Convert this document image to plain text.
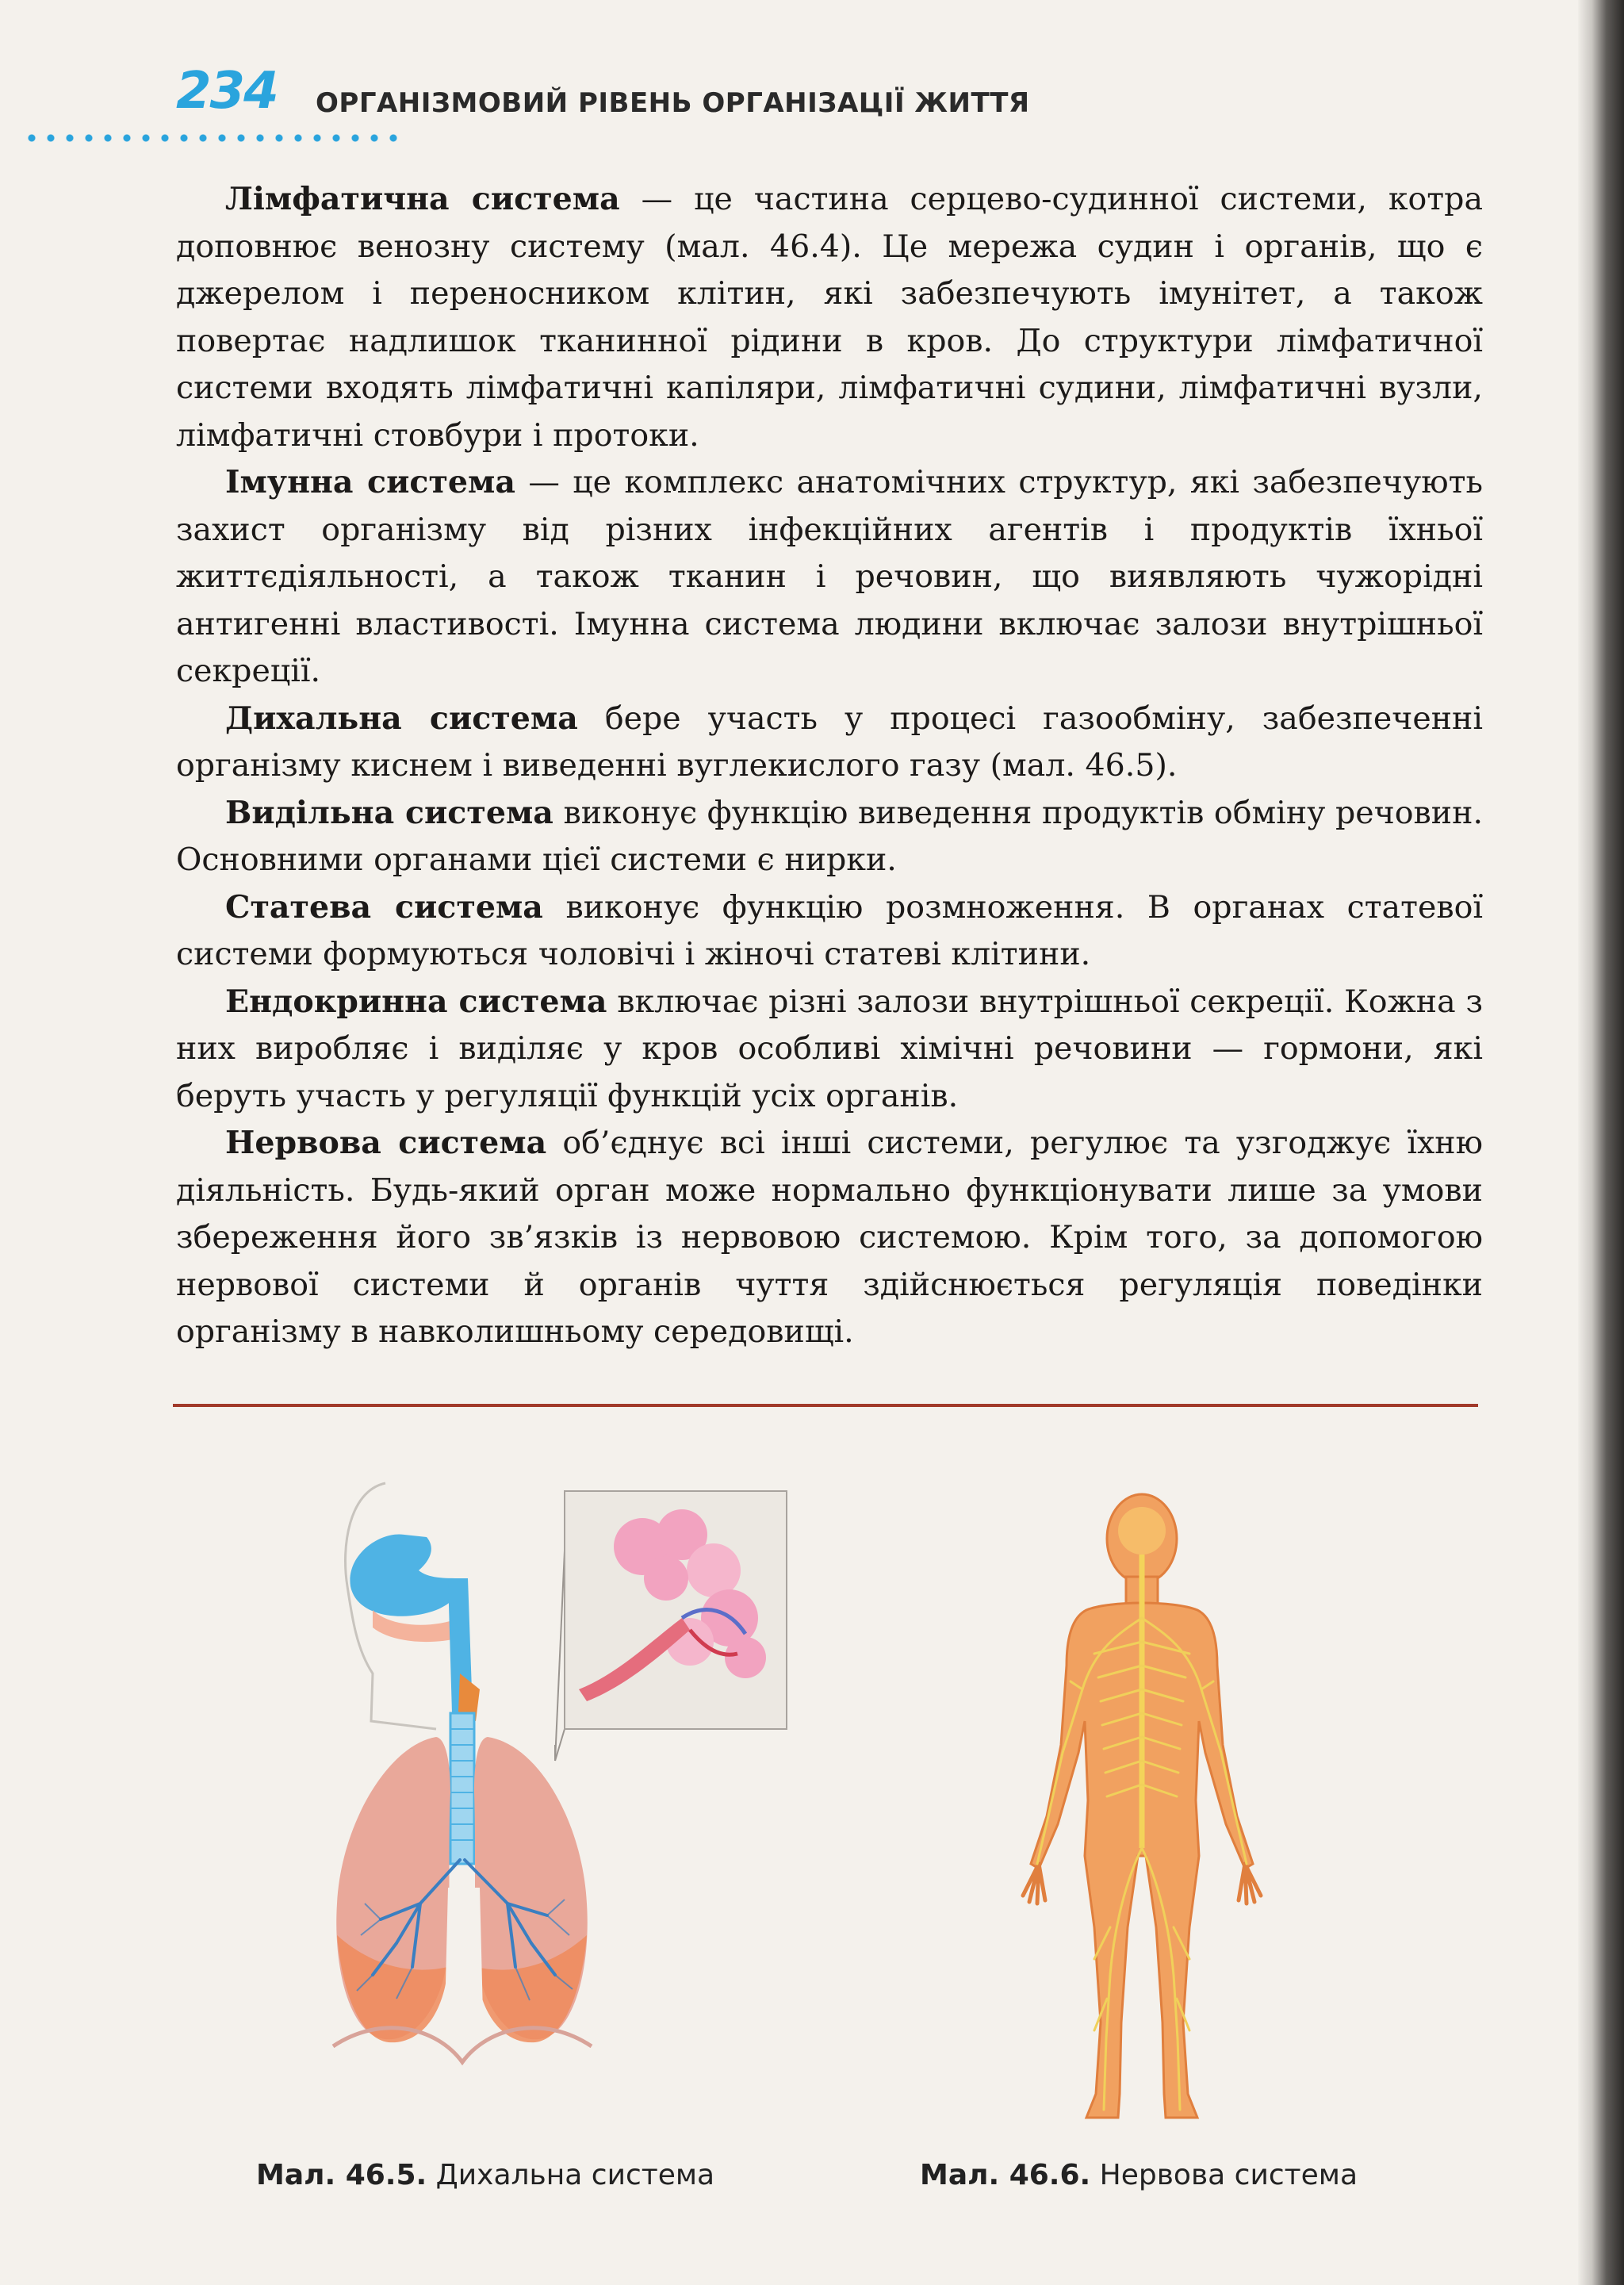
234 ОРГАНІЗМОВИЙ РІВЕНЬ ОРГАНІЗАЦІЇ ЖИТТЯ

Лімфатична система — це частина серцево-судинної системи, котра доповнює венозну систему (мал. 46.4). Це мережа судин і органів, що є джерелом і переносником клітин, які забезпечують імунітет, а також повертає надлишок тканинної рідини в кров. До структури лімфатичної системи входять лімфатичні капіляри, лімфатичні судини, лімфатичні вузли, лімфатичні стовбури і протоки.

Імунна система — це комплекс анатомічних структур, які забезпечують захист організму від різних інфекційних агентів і продуктів їхньої життєдіяльності, а також тканин і речовин, що виявляють чужорідні антигенні властивості. Імунна система людини включає залози внутрішньої секреції.

Дихальна система бере участь у процесі газообміну, забезпеченні організму киснем і виведенні вуглекислого газу (мал. 46.5).

Видільна система виконує функцію виведення продуктів обміну речовин. Основними органами цієї системи є нирки.

Статева система виконує функцію розмноження. В органах статевої системи формуються чоловічі і жіночі статеві клітини.

Ендокринна система включає різні залози внутрішньої секреції. Кожна з них виробляє і виділяє у кров особливі хімічні речовини — гормони, які беруть участь у регуляції функцій усіх органів.

Нервова система об’єднує всі інші системи, регулює та узгоджує їхню діяльність. Будь-який орган може нормально функціонувати лише за умови збереження його зв’язків із нервовою системою. Крім того, за допомогою нервової системи й органів чуття здійснюється регуляція поведінки організму в навколишньому середовищі.

Мал. 46.5. Дихальна система	Мал. 46.6. Нервова система
